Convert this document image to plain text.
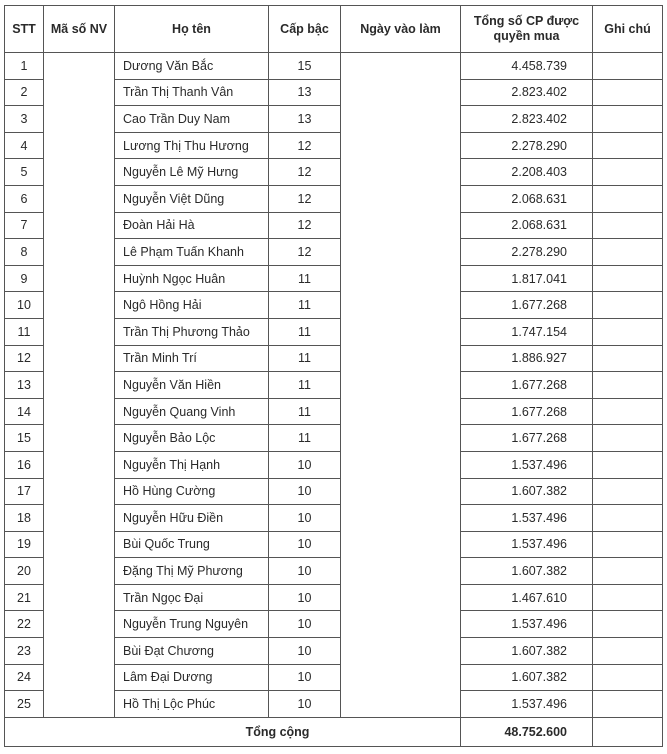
STT	Mã số NV	Họ tên	Cấp bậc	Ngày vào làm	Tổng số CP được quyền mua	Ghi chú
1		Dương Văn Bắc	15		4.458.739	
2		Trần Thị Thanh Vân	13		2.823.402	
3		Cao Trần Duy Nam	13		2.823.402	
4		Lương Thị Thu Hương	12		2.278.290	
5		Nguyễn Lê Mỹ Hưng	12		2.208.403	
6		Nguyễn Việt Dũng	12		2.068.631	
7		Đoàn Hải Hà	12		2.068.631	
8		Lê Phạm Tuấn Khanh	12		2.278.290	
9		Huỳnh Ngọc Huân	11		1.817.041	
10		Ngô Hồng Hải	11		1.677.268	
11		Trần Thị Phương Thảo	11		1.747.154	
12		Trần Minh Trí	11		1.886.927	
13		Nguyễn Văn Hiền	11		1.677.268	
14		Nguyễn Quang Vinh	11		1.677.268	
15		Nguyễn Bảo Lộc	11		1.677.268	
16		Nguyễn Thị Hạnh	10		1.537.496	
17		Hồ Hùng Cường	10		1.607.382	
18		Nguyễn Hữu Điền	10		1.537.496	
19		Bùi Quốc Trung	10		1.537.496	
20		Đặng Thị Mỹ Phương	10		1.607.382	
21		Trần Ngọc Đại	10		1.467.610	
22		Nguyễn Trung Nguyên	10		1.537.496	
23		Bùi Đạt Chương	10		1.607.382	
24		Lâm Đại Dương	10		1.607.382	
25		Hồ Thị Lộc Phúc	10		1.537.496	
Tổng cộng					48.752.600	
